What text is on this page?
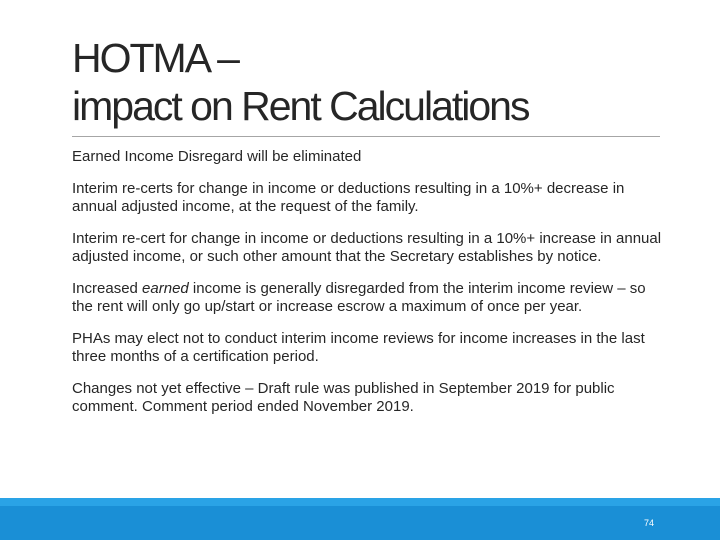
HOTMA –
impact on Rent Calculations
Earned Income Disregard will be eliminated
Interim re-certs for change in income or deductions resulting in a 10%+ decrease in annual adjusted income, at the request of the family.
Interim re-cert for change in income or deductions resulting in a 10%+ increase in annual adjusted income, or such other amount that the Secretary establishes by notice.
Increased earned income is generally disregarded from the interim income review – so the rent will only go up/start or increase escrow a maximum of once per year.
PHAs may elect not to conduct interim income reviews for income increases in the last three months of a certification period.
Changes not yet effective – Draft rule was published in September 2019 for public comment. Comment period ended November 2019.
74
